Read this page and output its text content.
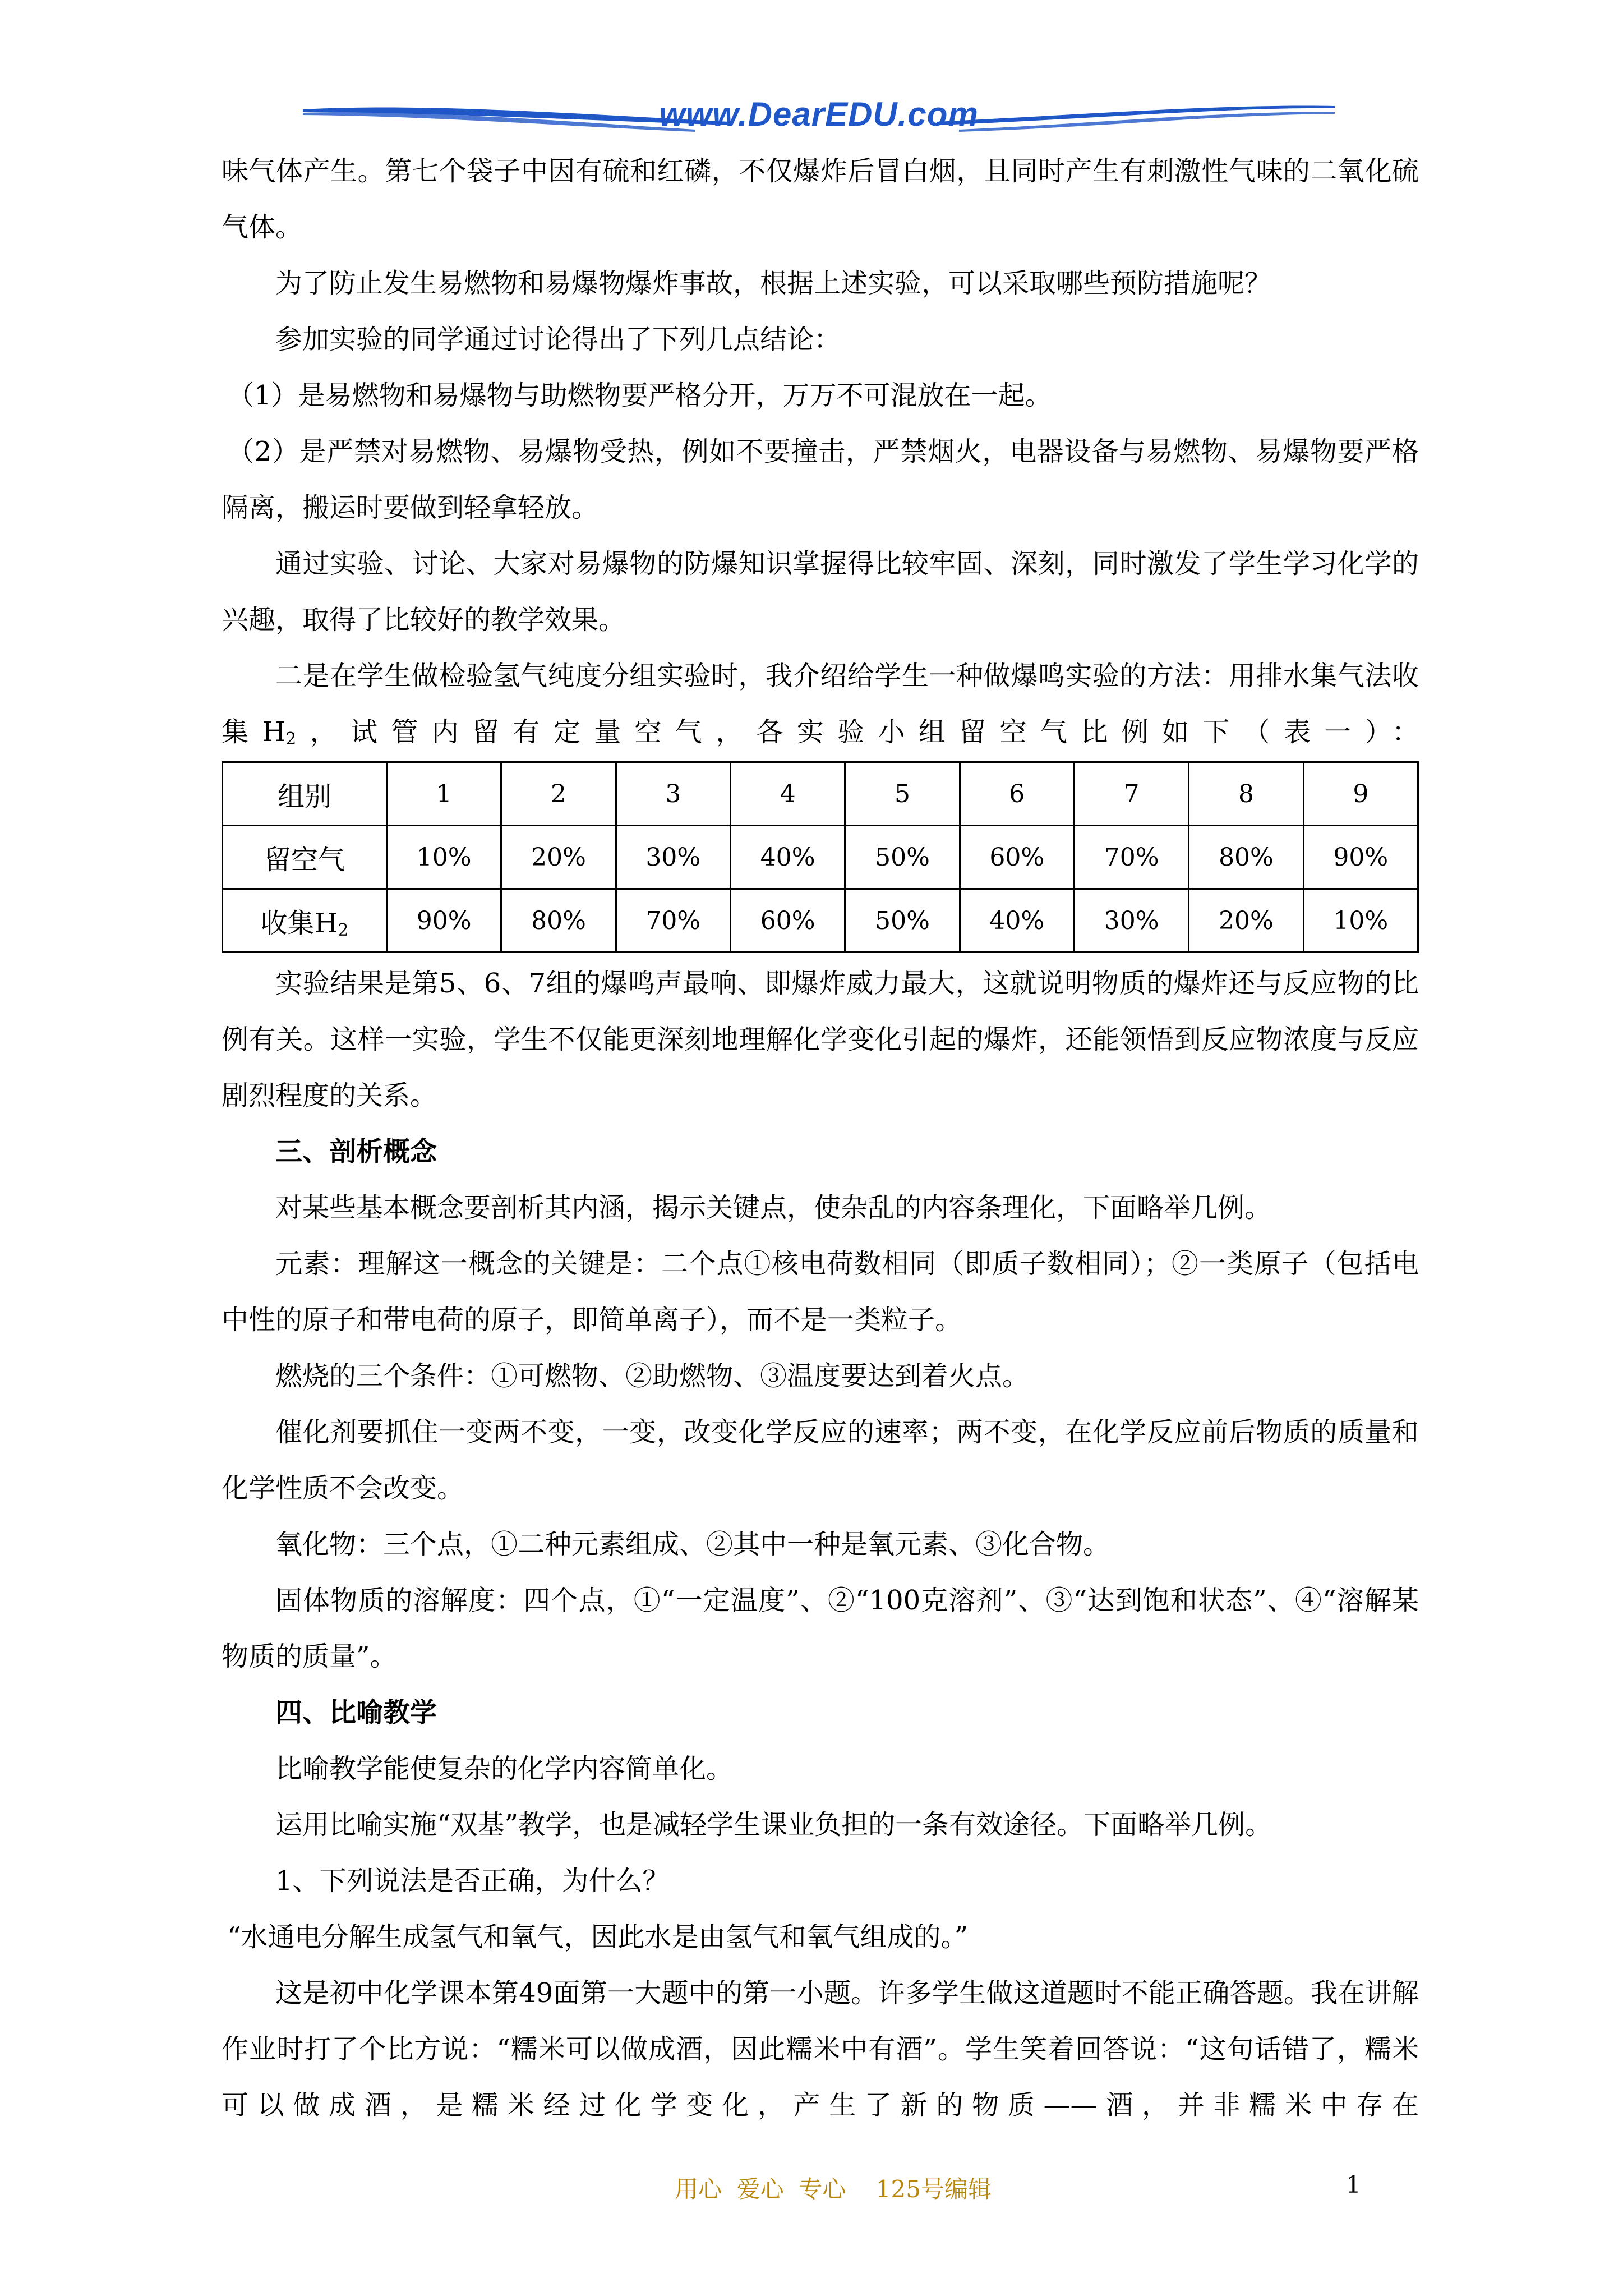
www.DearEDU.com

味气体产生。第七个袋子中因有硫和红磷，不仅爆炸后冒白烟，且同时产生有刺激性气味的二氧化硫气体。

为了防止发生易燃物和易爆物爆炸事故，根据上述实验，可以采取哪些预防措施呢？

参加实验的同学通过讨论得出了下列几点结论：

（1）是易燃物和易爆物与助燃物要严格分开，万万不可混放在一起。

（2）是严禁对易燃物、易爆物受热，例如不要撞击，严禁烟火，电器设备与易燃物、易爆物要严格隔离，搬运时要做到轻拿轻放。

通过实验、讨论、大家对易爆物的防爆知识掌握得比较牢固、深刻，同时激发了学生学习化学的兴趣，取得了比较好的教学效果。

二是在学生做检验氢气纯度分组实验时，我介绍给学生一种做爆鸣实验的方法：用排水集气法收集$H_2$，试管内留有定量空气，各实验小组留空气比例如下（表一）：

组别	1	2	3	4	5	6	7	8	9
留空气	10%	20%	30%	40%	50%	60%	70%	80%	90%
收集$H_2$	90%	80%	70%	60%	50%	40%	30%	20%	10%

实验结果是第5、6、7组的爆鸣声最响、即爆炸威力最大，这就说明物质的爆炸还与反应物的比例有关。这样一实验，学生不仅能更深刻地理解化学变化引起的爆炸，还能领悟到反应物浓度与反应剧烈程度的关系。

三、剖析概念

对某些基本概念要剖析其内涵，揭示关键点，使杂乱的内容条理化，下面略举几例。

元素：理解这一概念的关键是：二个点①核电荷数相同（即质子数相同）；②一类原子（包括电中性的原子和带电荷的原子，即简单离子），而不是一类粒子。

燃烧的三个条件：①可燃物、②助燃物、③温度要达到着火点。

催化剂要抓住一变两不变，一变，改变化学反应的速率；两不变，在化学反应前后物质的质量和化学性质不会改变。

氧化物：三个点，①二种元素组成、②其中一种是氧元素、③化合物。

固体物质的溶解度：四个点，①“一定温度”、②“100克溶剂”、③“达到饱和状态”、④“溶解某物质的质量”。

四、比喻教学

比喻教学能使复杂的化学内容简单化。

运用比喻实施“双基”教学，也是减轻学生课业负担的一条有效途径。下面略举几例。

1、下列说法是否正确，为什么？

“水通电分解生成氢气和氧气，因此水是由氢气和氧气组成的。”

这是初中化学课本第49面第一大题中的第一小题。许多学生做这道题时不能正确答题。我在讲解作业时打了个比方说：“糯米可以做成酒，因此糯米中有酒”。学生笑着回答说：“这句话错了，糯米可以做成酒，是糯米经过化学变化，产生了新的物质——酒，并非糯米中存在

用心  爱心  专心    125号编辑	1
